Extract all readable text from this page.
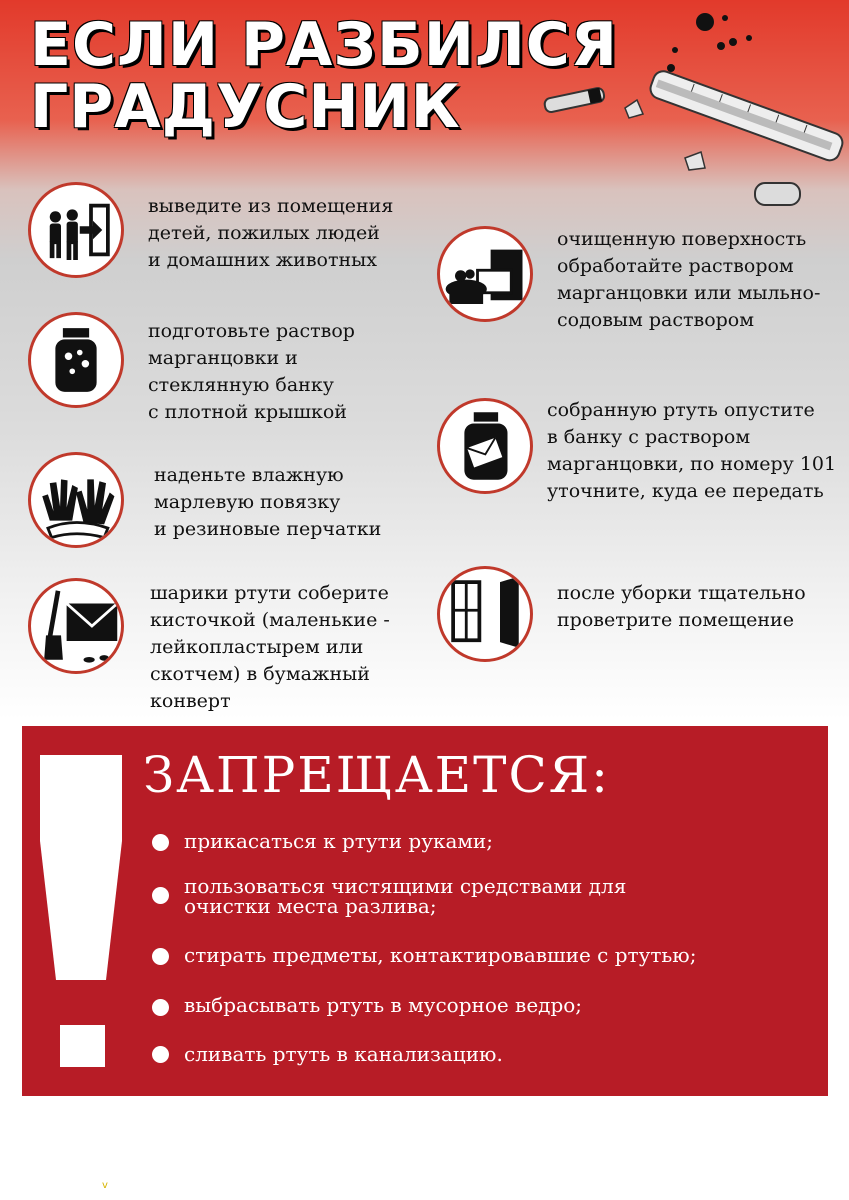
ЕСЛИ РАЗБИЛСЯ
ГРАДУСНИК
выведите из помещения
детей, пожилых людей
и домашних животных
подготовьте раствор
марганцовки и
стеклянную банку
с плотной крышкой
наденьте влажную
марлевую повязку
и резиновые перчатки
шарики ртути соберите
кисточкой (маленькие -
лейкопластырем или
скотчем) в бумажный
конверт
очищенную поверхность
обработайте раствором
марганцовки или мыльно-
содовым раствором
собранную ртуть опустите
в банку с раствором
марганцовки, по номеру 101
уточните, куда ее передать
после уборки тщательно
проветрите помещение
ЗАПРЕЩАЕТСЯ:
прикасаться к ртути руками;
пользоваться чистящими средствами для
очистки места разлива;
стирать предметы, контактировавшие с ртутью;
выбрасывать ртуть в мусорное ведро;
сливать ртуть в канализацию.
v
